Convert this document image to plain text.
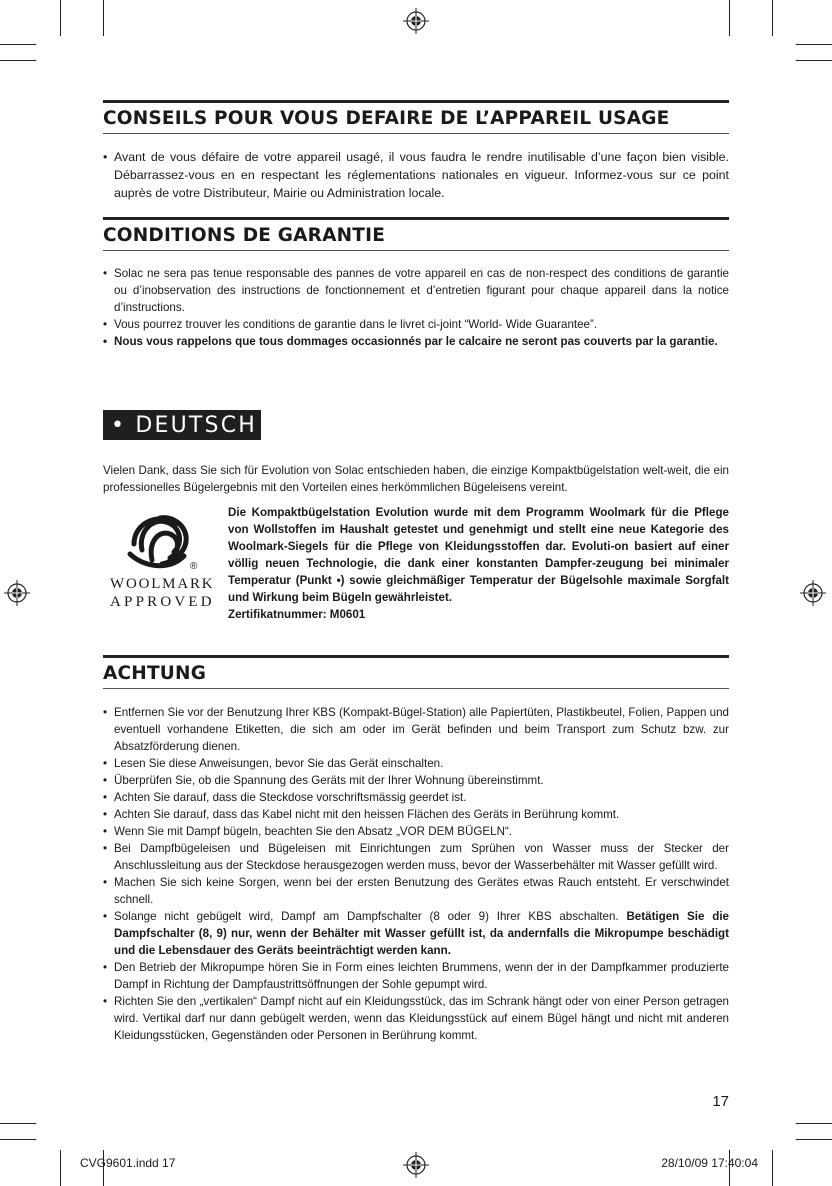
CONSEILS POUR VOUS DEFAIRE DE L’APPAREIL USAGE
• Avant de vous défaire de votre appareil usagé, il vous faudra le rendre inutilisable d’une façon bien visible. Débarrassez-vous en en respectant les réglementations nationales en vigueur. Informez-vous sur ce point auprès de votre Distributeur, Mairie ou Administration locale.
CONDITIONS DE GARANTIE
• Solac ne sera pas tenue responsable des pannes de votre appareil en cas de non-respect des conditions de garantie ou d’inobservation des instructions de fonctionnement et d’entretien figurant pour chaque appareil dans la notice d’instructions.
• Vous pourrez trouver les conditions de garantie dans le livret ci-joint “World- Wide Guarantee”.
• Nous vous rappelons que tous dommages occasionnés par le calcaire ne seront pas couverts par la garantie.
• DEUTSCH
Vielen Dank, dass Sie sich für Evolution von Solac entschieden haben, die einzige Kompaktbügelstation welt-weit, die ein professionelles Bügelergebnis mit den Vorteilen eines herkömmlichen Bügeleisens vereint.
®
WOOLMARK
APPROVED
Die Kompaktbügelstation Evolution wurde mit dem Programm Woolmark für die Pflege von Wollstoffen im Haushalt getestet und genehmigt und stellt eine neue Kategorie des Woolmark-Siegels für die Pflege von Kleidungsstoffen dar. Evoluti-on basiert auf einer völlig neuen Technologie, die dank einer konstanten Dampfer-zeugung bei minimaler Temperatur (Punkt •) sowie gleichmäßiger Temperatur der Bügelsohle maximale Sorgfalt und Wirkung beim Bügeln gewährleistet.
Zertifikatnummer: M0601
ACHTUNG
• Entfernen Sie vor der Benutzung Ihrer KBS (Kompakt-Bügel-Station) alle Papiertüten, Plastikbeutel, Folien, Pappen und eventuell vorhandene Etiketten, die sich am oder im Gerät befinden und beim Transport zum Schutz bzw. zur Absatzförderung dienen.
• Lesen Sie diese Anweisungen, bevor Sie das Gerät einschalten.
• Überprüfen Sie, ob die Spannung des Geräts mit der Ihrer Wohnung übereinstimmt.
• Achten Sie darauf, dass die Steckdose vorschriftsmässig geerdet ist.
• Achten Sie darauf, dass das Kabel nicht mit den heissen Flächen des Geräts in Berührung kommt.
• Wenn Sie mit Dampf bügeln, beachten Sie den Absatz „VOR DEM BÜGELN“.
• Bei Dampfbügeleisen und Bügeleisen mit Einrichtungen zum Sprühen von Wasser muss der Stecker der Anschlussleitung aus der Steckdose herausgezogen werden muss, bevor der Wasserbehälter mit Wasser gefüllt wird.
• Machen Sie sich keine Sorgen, wenn bei der ersten Benutzung des Gerätes etwas Rauch entsteht. Er verschwindet schnell.
• Solange nicht gebügelt wird, Dampf am Dampfschalter (8 oder 9) Ihrer KBS abschalten. Betätigen Sie die Dampfschalter (8, 9) nur, wenn der Behälter mit Wasser gefüllt ist, da andernfalls die Mikropumpe beschädigt und die Lebensdauer des Geräts beeinträchtigt werden kann.
• Den Betrieb der Mikropumpe hören Sie in Form eines leichten Brummens, wenn der in der Dampfkammer produzierte Dampf in Richtung der Dampfaustrittsöffnungen der Sohle gepumpt wird.
• Richten Sie den „vertikalen“ Dampf nicht auf ein Kleidungsstück, das im Schrank hängt oder von einer Person getragen wird. Vertikal darf nur dann gebügelt werden, wenn das Kleidungsstück auf einem Bügel hängt und nicht mit anderen Kleidungsstücken, Gegenständen oder Personen in Berührung kommt.
17
CVG9601.indd 17	28/10/09 17:40:04
